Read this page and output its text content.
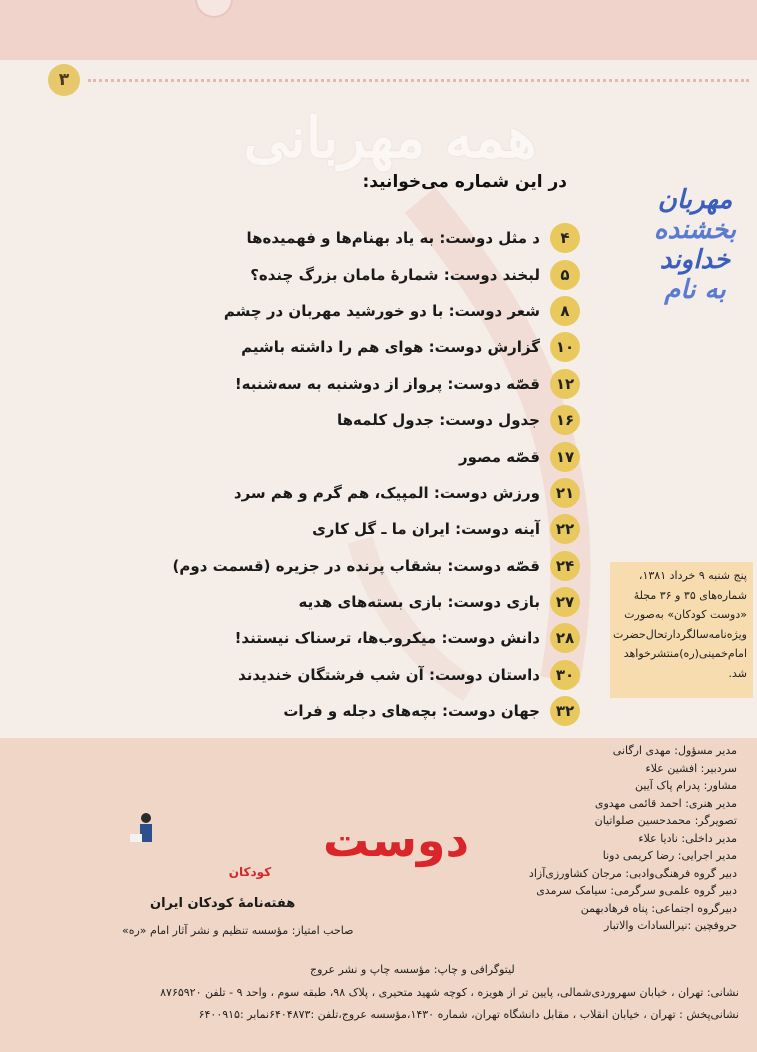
۳
همه مهربانی
مهربان
بخشنده
خداوند
به نام
در این شماره می‌خوانید:
۴
د مثل دوست: به یاد بهنام‌ها و فهمیده‌ها
۵
لبخند دوست: شمارهٔ مامان بزرگ چنده؟
۸
شعر دوست: با دو خورشید مهربان در چشم
۱۰
گزارش دوست: هوای هم را داشته باشیم
۱۲
قصّه دوست: پرواز از دوشنبه به سه‌شنبه!
۱۶
جدول دوست: جدول کلمه‌ها
۱۷
قصّه مصور
۲۱
ورزش دوست: المپیک، هم گرم و هم سرد
۲۲
آینه دوست: ایران ما ـ گل کاری
۲۴
قصّه دوست: بشقاب پرنده در جزیره (قسمت دوم)
۲۷
بازی دوست: بازی بسته‌های هدیه
۲۸
دانش دوست: میکروب‌ها، ترسناک نیستند!
۳۰
داستان دوست: آن شب فرشتگان خندیدند
۳۲
جهان دوست: بچه‌های دجله و فرات
پنج شنبه ۹ خرداد ۱۳۸۱،
شماره‌های ۳۵ و ۳۶ مجلهٔ
«دوست کودکان» به‌صورت
ویژه‌نامه‌سالگرد‌ارتحال‌حضرت
امام‌خمینی(ره)‌منتشر‌خواهد
شد.
مدیر مسؤول: مهدی ارگانی
سردبیر: افشین علاء
مشاور: پدرام پاک آیین
مدیر هنری: احمد قائمی مهدوی
تصویرگر: محمدحسین صلواتیان
مدیر داخلی: نادیا علاء
مدیر اجرایی: رضا کریمی دونا
دبیر گروه فرهنگی‌وادبی: مرجان کشاورزی‌آزاد
دبیر گروه علمی‌و سرگرمی: سیامک سرمدی
دبیرگروه اجتماعی: پناه فرهادبهمن
حروفچین :نیرالسادات والاتبار
دوست
کودکان
هفته‌نامهٔ کودکان ایران
صاحب امتیاز: مؤسسه تنظیم و نشر آثار امام «ره»
لیتوگرافی و چاپ: مؤسسه چاپ و نشر عروج
نشانی: تهران ، خیابان سهروردی‌شمالی، پایین تر از هویزه ، کوچه شهید متحیری ، پلاک ۹۸، طبقه سوم ، واحد ۹ - تلفن ۸۷۶۵۹۲۰
نشانی‌پخش : تهران ، خیابان انقلاب ، مقابل دانشگاه تهران، شماره ۱۴۳۰،مؤسسه عروج،تلفن :۶۴۰۴۸۷۳نمابر :۶۴۰۰۹۱۵
